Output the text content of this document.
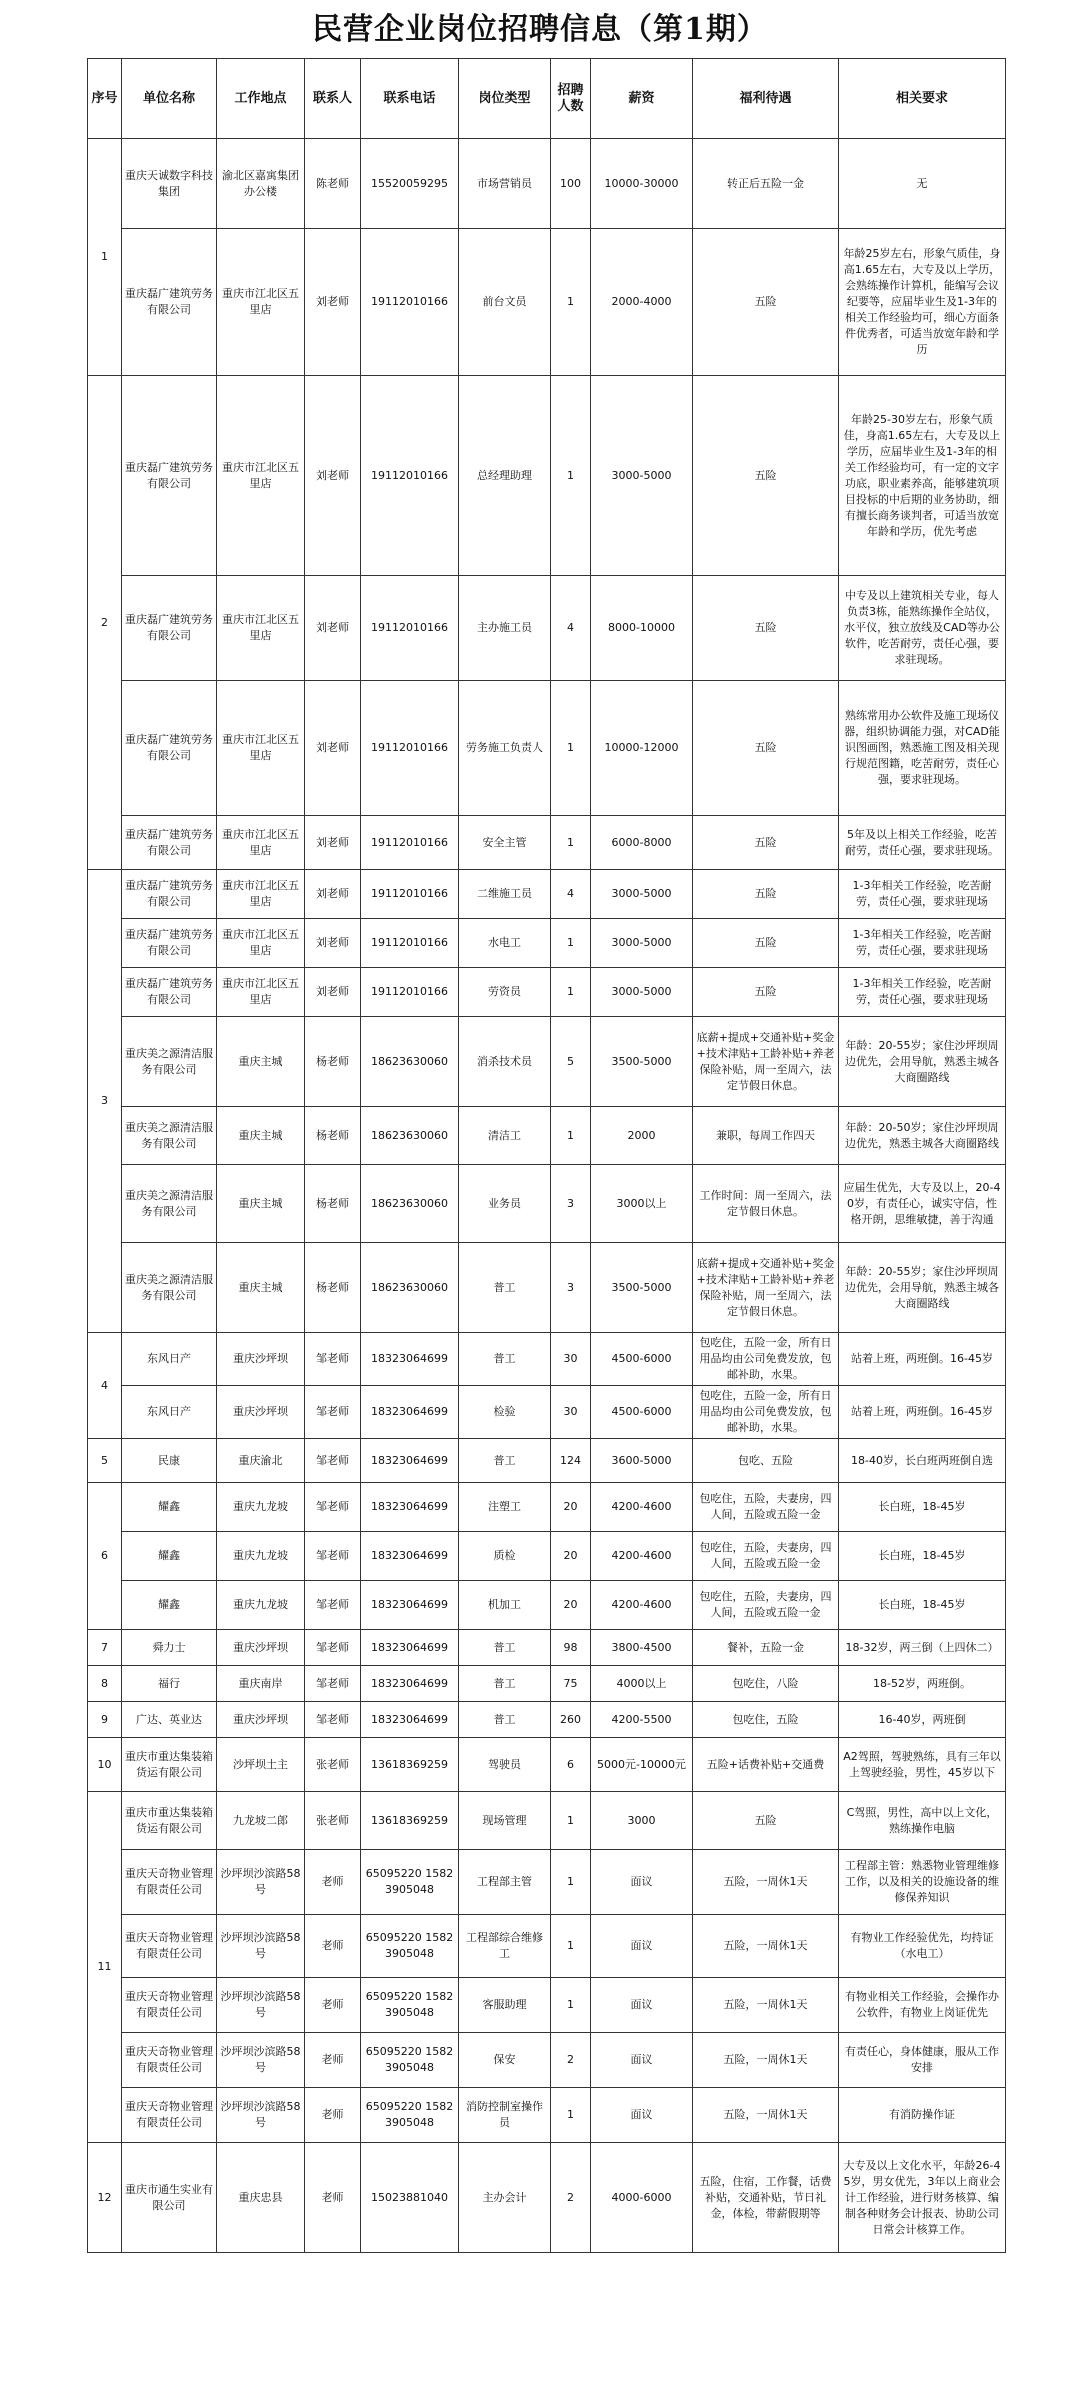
民营企业岗位招聘信息（第1期）
序号	单位名称	工作地点	联系人	联系电话	岗位类型	招聘人数	薪资	福利待遇	相关要求
1	重庆天诚数字科技集团	渝北区嘉寓集团办公楼	陈老师	15520059295	市场营销员	100	10000-30000	转正后五险一金	无
	重庆磊广建筑劳务有限公司	重庆市江北区五里店	刘老师	19112010166	前台文员	1	2000-4000	五险	年龄25岁左右，形象气质佳，身高1.65左右，大专及以上学历，会熟练操作计算机，能编写会议纪要等，应届毕业生及1-3年的相关工作经验均可，细心方面条件优秀者，可适当放宽年龄和学历
2	重庆磊广建筑劳务有限公司	重庆市江北区五里店	刘老师	19112010166	总经理助理	1	3000-5000	五险	年龄25-30岁左右，形象气质佳，身高1.65左右，大专及以上学历，应届毕业生及1-3年的相关工作经验均可，有一定的文字功底，职业素养高，能够建筑项目投标的中后期的业务协助，细有擅长商务谈判者，可适当放宽年龄和学历，优先考虑
	重庆磊广建筑劳务有限公司	重庆市江北区五里店	刘老师	19112010166	主办施工员	4	8000-10000	五险	中专及以上建筑相关专业，每人负责3栋，能熟练操作全站仪，水平仪，独立放线及CAD等办公软件，吃苦耐劳，责任心强，要求驻现场。
	重庆磊广建筑劳务有限公司	重庆市江北区五里店	刘老师	19112010166	劳务施工负责人	1	10000-12000	五险	熟练常用办公软件及施工现场仪器，组织协调能力强，对CAD能识图画图，熟悉施工图及相关现行规范图籍，吃苦耐劳，责任心强，要求驻现场。
	重庆磊广建筑劳务有限公司	重庆市江北区五里店	刘老师	19112010166	安全主管	1	6000-8000	五险	5年及以上相关工作经验，吃苦耐劳，责任心强，要求驻现场。
3	重庆磊广建筑劳务有限公司	重庆市江北区五里店	刘老师	19112010166	二维施工员	4	3000-5000	五险	1-3年相关工作经验，吃苦耐劳，责任心强，要求驻现场
	重庆磊广建筑劳务有限公司	重庆市江北区五里店	刘老师	19112010166	水电工	1	3000-5000	五险	1-3年相关工作经验，吃苦耐劳，责任心强，要求驻现场
	重庆磊广建筑劳务有限公司	重庆市江北区五里店	刘老师	19112010166	劳资员	1	3000-5000	五险	1-3年相关工作经验，吃苦耐劳，责任心强，要求驻现场
	重庆美之源清洁服务有限公司	重庆主城	杨老师	18623630060	消杀技术员	5	3500-5000	底薪+提成+交通补贴+奖金+技术津贴+工龄补贴+养老保险补贴，周一至周六，法定节假日休息。	年龄：20-55岁；家住沙坪坝周边优先，会用导航，熟悉主城各大商圈路线
	重庆美之源清洁服务有限公司	重庆主城	杨老师	18623630060	清洁工	1	2000	兼职，每周工作四天	年龄：20-50岁；家住沙坪坝周边优先，熟悉主城各大商圈路线
	重庆美之源清洁服务有限公司	重庆主城	杨老师	18623630060	业务员	3	3000以上	工作时间：周一至周六，法定节假日休息。	应届生优先，大专及以上，20-40岁，有责任心，诚实守信，性格开朗，思维敏捷，善于沟通
	重庆美之源清洁服务有限公司	重庆主城	杨老师	18623630060	普工	3	3500-5000	底薪+提成+交通补贴+奖金+技术津贴+工龄补贴+养老保险补贴，周一至周六，法定节假日休息。	年龄：20-55岁；家住沙坪坝周边优先，会用导航，熟悉主城各大商圈路线
4	东风日产	重庆沙坪坝	邹老师	18323064699	普工	30	4500-6000	包吃住，五险一金，所有日用品均由公司免费发放，包邮补助，水果。	站着上班，两班倒。16-45岁
	东风日产	重庆沙坪坝	邹老师	18323064699	检验	30	4500-6000	包吃住，五险一金，所有日用品均由公司免费发放，包邮补助，水果。	站着上班，两班倒。16-45岁
5	民康	重庆渝北	邹老师	18323064699	普工	124	3600-5000	包吃、五险	18-40岁，长白班两班倒自选
6	耀鑫	重庆九龙坡	邹老师	18323064699	注塑工	20	4200-4600	包吃住，五险，夫妻房，四人间，五险或五险一金	长白班，18-45岁
	耀鑫	重庆九龙坡	邹老师	18323064699	质检	20	4200-4600	包吃住，五险，夫妻房，四人间，五险或五险一金	长白班，18-45岁
	耀鑫	重庆九龙坡	邹老师	18323064699	机加工	20	4200-4600	包吃住，五险，夫妻房，四人间，五险或五险一金	长白班，18-45岁
7	舜力士	重庆沙坪坝	邹老师	18323064699	普工	98	3800-4500	餐补，五险一金	18-32岁，两三倒（上四休二）
8	福行	重庆南岸	邹老师	18323064699	普工	75	4000以上	包吃住，八险	18-52岁，两班倒。
9	广达、英业达	重庆沙坪坝	邹老师	18323064699	普工	260	4200-5500	包吃住，五险	16-40岁，两班倒
10	重庆市重达集装箱货运有限公司	沙坪坝土主	张老师	13618369259	驾驶员	6	5000元-10000元	五险+话费补贴+交通费	A2驾照，驾驶熟练，具有三年以上驾驶经验，男性，45岁以下
11	重庆市重达集装箱货运有限公司	九龙坡二郎	张老师	13618369259	现场管理	1	3000	五险	C驾照，男性，高中以上文化，熟练操作电脑
	重庆天奇物业管理有限责任公司	沙坪坝沙滨路58号	老师	65095220 15823905048	工程部主管	1	面议	五险，一周休1天	工程部主管：熟悉物业管理维修工作，以及相关的设施设备的维修保养知识
	重庆天奇物业管理有限责任公司	沙坪坝沙滨路58号	老师	65095220 15823905048	工程部综合维修工	1	面议	五险，一周休1天	有物业工作经验优先，均持证（水电工）
	重庆天奇物业管理有限责任公司	沙坪坝沙滨路58号	老师	65095220 15823905048	客服助理	1	面议	五险，一周休1天	有物业相关工作经验，会操作办公软件，有物业上岗证优先
	重庆天奇物业管理有限责任公司	沙坪坝沙滨路58号	老师	65095220 15823905048	保安	2	面议	五险，一周休1天	有责任心，身体健康，服从工作安排
	重庆天奇物业管理有限责任公司	沙坪坝沙滨路58号	老师	65095220 15823905048	消防控制室操作员	1	面议	五险，一周休1天	有消防操作证
12	重庆市通生实业有限公司	重庆忠县	老师	15023881040	主办会计	2	4000-6000	五险，住宿，工作餐，话费补贴，交通补贴，节日礼金，体检，带薪假期等	大专及以上文化水平，年龄26-45岁，男女优先，3年以上商业会计工作经验，进行财务核算、编制各种财务会计报表、协助公司日常会计核算工作。
